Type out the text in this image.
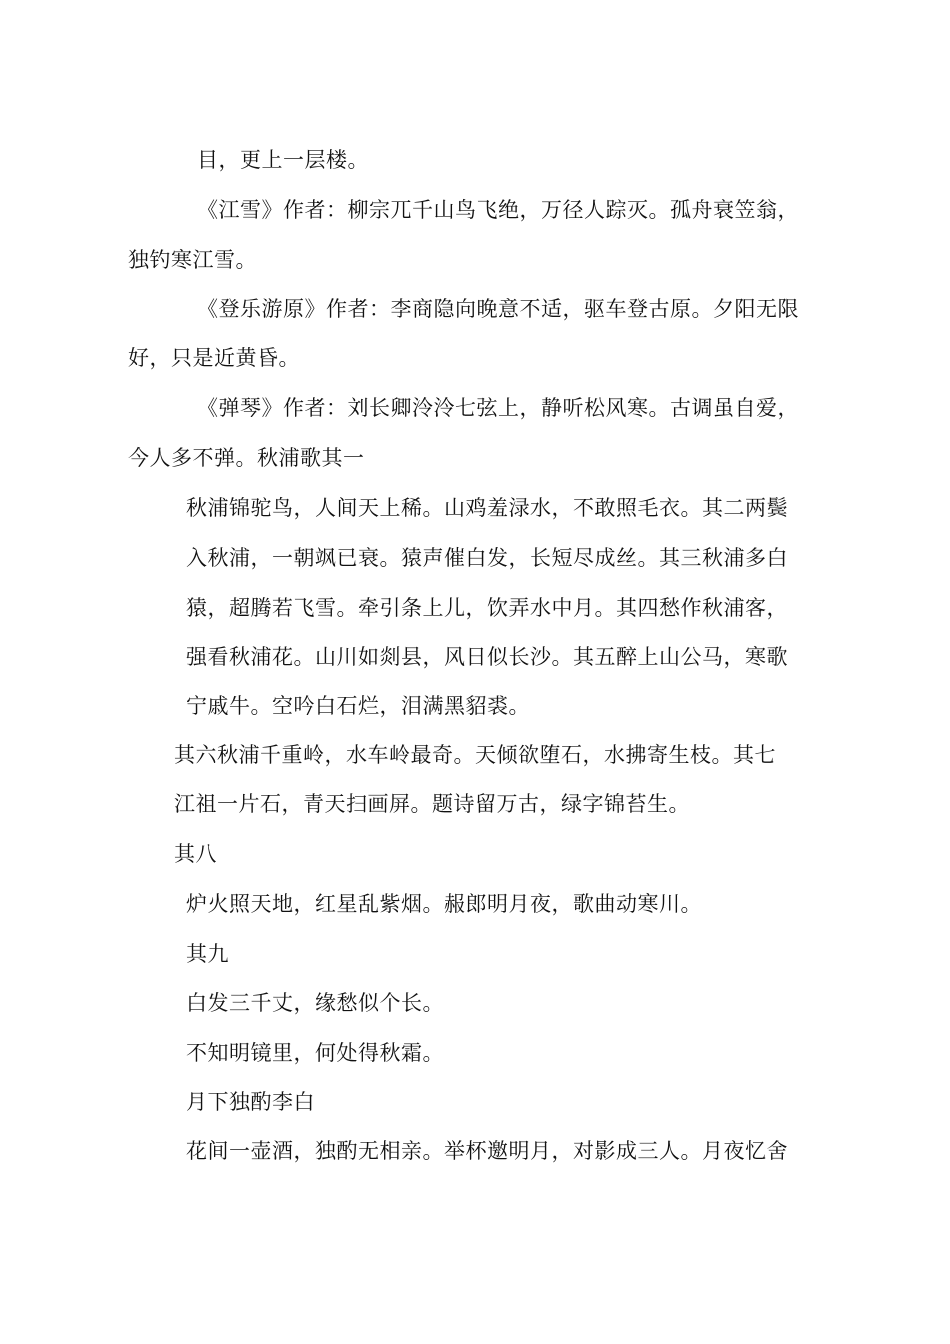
目，更上一层楼。
《江雪》作者：柳宗兀千山鸟飞绝，万径人踪灭。孤舟衰笠翁，
独钓寒江雪。
《登乐游原》作者：李商隐向晚意不适，驱车登古原。夕阳无限
好，只是近黄昏。
《弹琴》作者：刘长卿泠泠七弦上，静听松风寒。古调虽自爱，
今人多不弹。秋浦歌其一
秋浦锦驼鸟，人间天上稀。山鸡羞渌水，不敢照毛衣。其二两鬓
入秋浦，一朝飒已衰。猿声催白发，长短尽成丝。其三秋浦多白
猿，超腾若飞雪。牵引条上儿，饮弄水中月。其四愁作秋浦客，
强看秋浦花。山川如剡县，风日似长沙。其五醉上山公马，寒歌
宁戚牛。空吟白石烂，泪满黑貂裘。
其六秋浦千重岭，水车岭最奇。天倾欲堕石，水拂寄生枝。其七
江祖一片石，青天扫画屏。题诗留万古，绿字锦苔生。
其八
炉火照天地，红星乱紫烟。赧郎明月夜，歌曲动寒川。
其九
白发三千丈，缘愁似个长。
不知明镜里，何处得秋霜。
月下独酌李白
花间一壶酒，独酌无相亲。举杯邀明月，对影成三人。月夜忆舍
